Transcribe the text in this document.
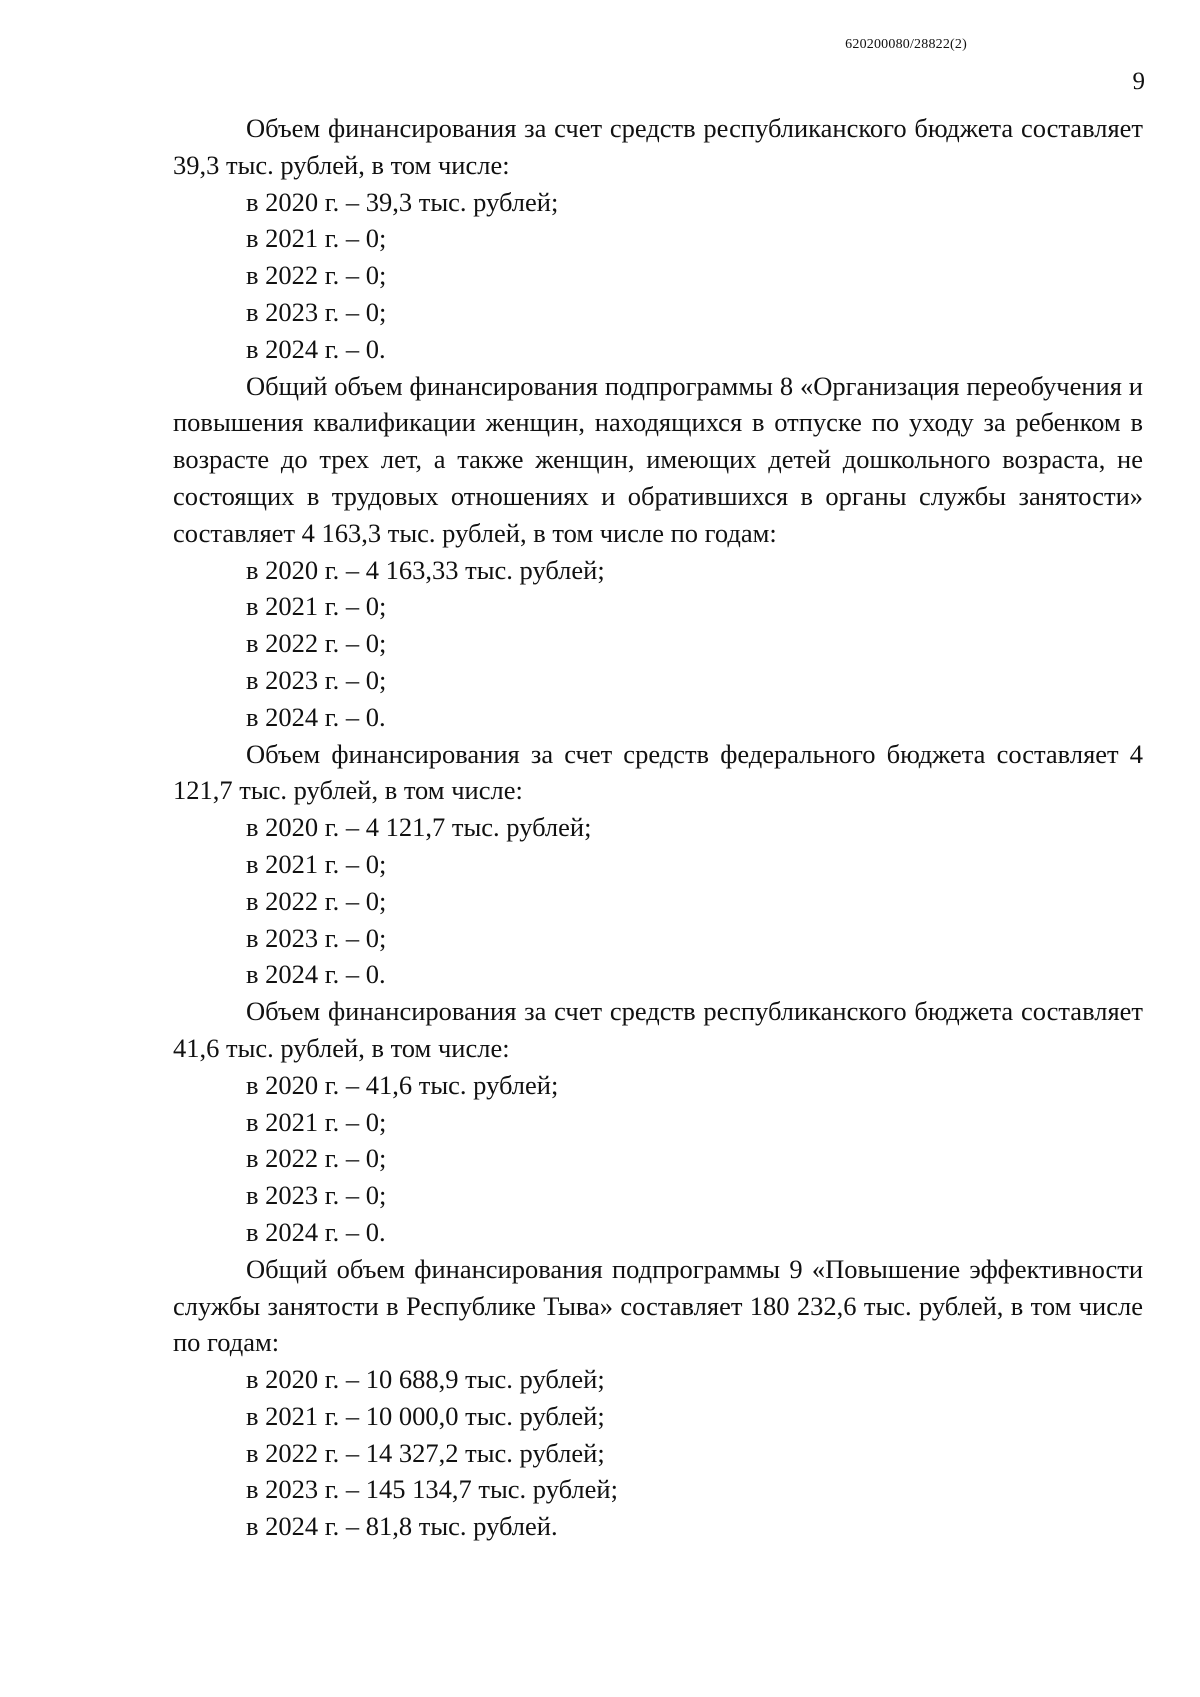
620200080/28822(2)
9

Объем финансирования за счет средств республиканского бюджета составляет 39,3 тыс. рублей, в том числе:

в 2020 г. – 39,3 тыс. рублей;
в 2021 г. – 0;
в 2022 г. – 0;
в 2023 г. – 0;
в 2024 г. – 0.

Общий объем финансирования подпрограммы 8 «Организация переобучения и повышения квалификации женщин, находящихся в отпуске по уходу за ребенком в возрасте до трех лет, а также женщин, имеющих детей дошкольного возраста, не состоящих в трудовых отношениях и обратившихся в органы службы занятости» составляет 4 163,3 тыс. рублей, в том числе по годам:

в 2020 г. – 4 163,33 тыс. рублей;
в 2021 г. – 0;
в 2022 г. – 0;
в 2023 г. – 0;
в 2024 г. – 0.

Объем финансирования за счет средств федерального бюджета составляет 4 121,7 тыс. рублей, в том числе:

в 2020 г. – 4 121,7 тыс. рублей;
в 2021 г. – 0;
в 2022 г. – 0;
в 2023 г. – 0;
в 2024 г. – 0.

Объем финансирования за счет средств республиканского бюджета составляет 41,6 тыс. рублей, в том числе:

в 2020 г. – 41,6 тыс. рублей;
в 2021 г. – 0;
в 2022 г. – 0;
в 2023 г. – 0;
в 2024 г. – 0.

Общий объем финансирования подпрограммы 9 «Повышение эффективности службы занятости в Республике Тыва» составляет 180 232,6 тыс. рублей, в том числе по годам:

в 2020 г. – 10 688,9 тыс. рублей;
в 2021 г. – 10 000,0 тыс. рублей;
в 2022 г. – 14 327,2 тыс. рублей;
в 2023 г. – 145 134,7 тыс. рублей;
в 2024 г. – 81,8 тыс. рублей.
